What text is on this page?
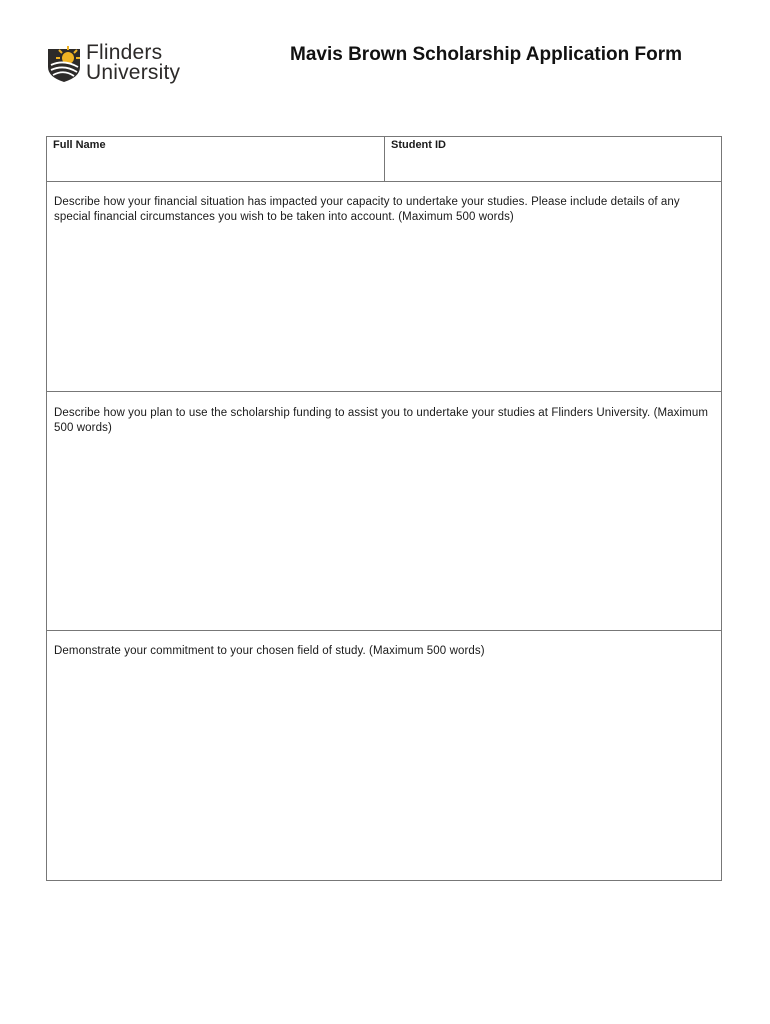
Flinders
University
Mavis Brown Scholarship Application Form
Full Name	Student ID
Describe how your financial situation has impacted your capacity to undertake your studies. Please include details of any special financial circumstances you wish to be taken into account. (Maximum 500 words)
Describe how you plan to use the scholarship funding to assist you to undertake your studies at Flinders University. (Maximum 500 words)
Demonstrate your commitment to your chosen field of study. (Maximum 500 words)
